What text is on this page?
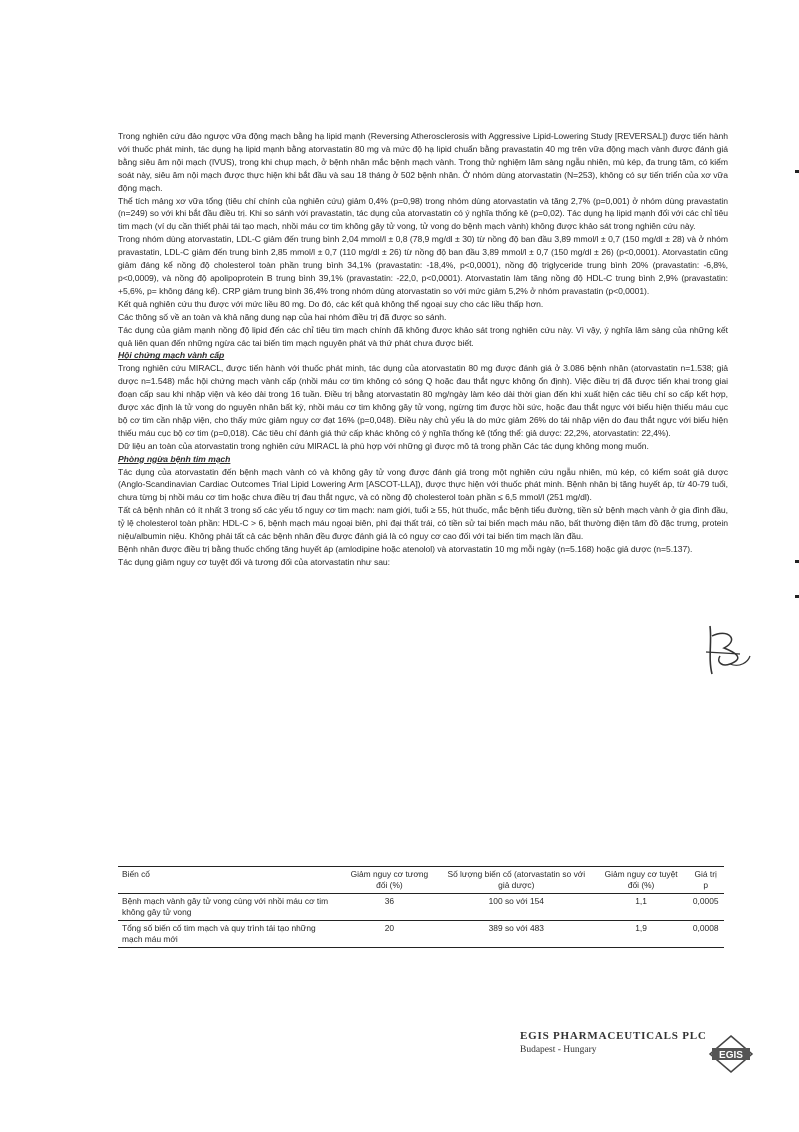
Trong nghiên cứu đảo ngược vữa động mạch bằng hạ lipid mạnh (Reversing Atherosclerosis with Aggressive Lipid-Lowering Study [REVERSAL]) được tiến hành với thuốc phát minh, tác dụng hạ lipid mạnh bằng atorvastatin 80 mg và mức độ hạ lipid chuẩn bằng pravastatin 40 mg trên vữa động mạch vành được đánh giá bằng siêu âm nội mạch (IVUS), trong khi chụp mạch, ở bệnh nhân mắc bệnh mạch vành. Trong thử nghiệm lâm sàng ngẫu nhiên, mù kép, đa trung tâm, có kiểm soát này, siêu âm nội mạch được thực hiện khi bắt đầu và sau 18 tháng ở 502 bệnh nhân. Ở nhóm dùng atorvastatin (N=253), không có sự tiến triển của xơ vữa động mạch.

Thể tích mảng xơ vữa tổng (tiêu chí chính của nghiên cứu) giảm 0,4% (p=0,98) trong nhóm dùng atorvastatin và tăng 2,7% (p=0,001) ở nhóm dùng pravastatin (n=249) so với khi bắt đầu điều trị. Khi so sánh với pravastatin, tác dụng của atorvastatin có ý nghĩa thống kê (p=0,02). Tác dụng hạ lipid mạnh đối với các chỉ tiêu tim mạch (ví dụ cần thiết phải tái tạo mạch, nhồi máu cơ tim không gây tử vong, tử vong do bệnh mạch vành) không được khảo sát trong nghiên cứu này.

Trong nhóm dùng atorvastatin, LDL-C giảm đến trung bình 2,04 mmol/l ± 0,8 (78,9 mg/dl ± 30) từ nồng độ ban đầu 3,89 mmol/l ± 0,7 (150 mg/dl ± 28) và ở nhóm pravastatin, LDL-C giảm đến trung bình 2,85 mmol/l ± 0,7 (110 mg/dl ± 26) từ nồng độ ban đầu 3,89 mmol/l ± 0,7 (150 mg/dl ± 26) (p<0,0001). Atorvastatin cũng giảm đáng kể nồng độ cholesterol toàn phần trung bình 34,1% (pravastatin: -18,4%, p<0,0001), nồng độ triglyceride trung bình 20% (pravastatin: -6,8%, p<0,0009), và nồng độ apolipoprotein B trung bình 39,1% (pravastatin: -22,0, p<0,0001). Atorvastatin làm tăng nồng độ HDL-C trung bình 2,9% (pravastatin: +5,6%, p= không đáng kể). CRP giảm trung bình 36,4% trong nhóm dùng atorvastatin so với mức giảm 5,2% ở nhóm pravastatin (p<0,0001).

Kết quả nghiên cứu thu được với mức liều 80 mg. Do đó, các kết quả không thể ngoại suy cho các liều thấp hơn.

Các thông số về an toàn và khả năng dung nạp của hai nhóm điều trị đã được so sánh.

Tác dụng của giảm mạnh nồng độ lipid đến các chỉ tiêu tim mạch chính đã không được khảo sát trong nghiên cứu này. Vì vậy, ý nghĩa lâm sàng của những kết quả liên quan đến những ngừa các tai biến tim mạch nguyên phát và thứ phát chưa được biết.

Hội chứng mạch vành cấp

Trong nghiên cứu MIRACL, được tiến hành với thuốc phát minh, tác dụng của atorvastatin 80 mg được đánh giá ở 3.086 bệnh nhân (atorvastatin n=1.538; giả dược n=1.548) mắc hội chứng mạch vành cấp (nhồi máu cơ tim không có sóng Q hoặc đau thắt ngực không ổn định). Việc điều trị đã được tiến khai trong giai đoạn cấp sau khi nhập viện và kéo dài trong 16 tuần. Điều trị bằng atorvastatin 80 mg/ngày làm kéo dài thời gian đến khi xuất hiện các tiêu chí so cấp kết hợp, được xác định là tử vong do nguyên nhân bất kỳ, nhồi máu cơ tim không gây tử vong, ngừng tim được hồi sức, hoặc đau thắt ngực với biểu hiện thiếu máu cục bộ cơ tim cần nhập viện, cho thấy mức giảm nguy cơ đạt 16% (p=0,048). Điều này chủ yếu là do mức giảm 26% do tái nhập viện do đau thắt ngực với biểu hiện thiếu máu cục bộ cơ tim (p=0,018). Các tiêu chí đánh giá thứ cấp khác không có ý nghĩa thống kê (tổng thể: giả dược: 22,2%, atorvastatin: 22,4%).

Dữ liệu an toàn của atorvastatin trong nghiên cứu MIRACL là phù hợp với những gì được mô tả trong phần Các tác dụng không mong muốn.

Phòng ngừa bệnh tim mạch

Tác dụng của atorvastatin đến bệnh mạch vành có và không gây tử vong được đánh giá trong một nghiên cứu ngẫu nhiên, mù kép, có kiểm soát giả dược (Anglo-Scandinavian Cardiac Outcomes Trial Lipid Lowering Arm [ASCOT-LLA]), được thực hiện với thuốc phát minh. Bệnh nhân bị tăng huyết áp, từ 40-79 tuổi, chưa từng bị nhồi máu cơ tim hoặc chưa điều trị đau thắt ngực, và có nồng độ cholesterol toàn phần ≤ 6,5 mmol/l (251 mg/dl).

Tất cả bệnh nhân có ít nhất 3 trong số các yếu tố nguy cơ tim mạch: nam giới, tuổi ≥ 55, hút thuốc, mắc bệnh tiểu đường, tiền sử bệnh mạch vành ở gia đình đầu, tỷ lệ cholesterol toàn phần: HDL-C > 6, bệnh mạch máu ngoại biên, phì đại thất trái, có tiền sử tai biến mạch máu não, bất thường điện tâm đồ đặc trưng, protein niệu/albumin niệu. Không phải tất cả các bệnh nhân đều được đánh giá là có nguy cơ cao đối với tai biến tim mạch lần đầu.

Bệnh nhân được điều trị bằng thuốc chống tăng huyết áp (amlodipine hoặc atenolol) và atorvastatin 10 mg mỗi ngày (n=5.168) hoặc giả dược (n=5.137).

Tác dụng giảm nguy cơ tuyệt đối và tương đối của atorvastatin như sau:

Biến cố	Giảm nguy cơ tương đối (%)	Số lượng biến cố (atorvastatin so với giả dược)	Giảm nguy cơ tuyệt đối (%)	Giá trị p
Bệnh mạch vành gây tử vong cùng với nhồi máu cơ tim không gây tử vong	36	100 so với 154	1,1	0,0005
Tổng số biến cố tim mạch và quy trình tái tạo những mạch máu mới	20	389 so với 483	1,9	0,0008
EGIS PHARMACEUTICALS PLC
Budapest - Hungary	EGIS
